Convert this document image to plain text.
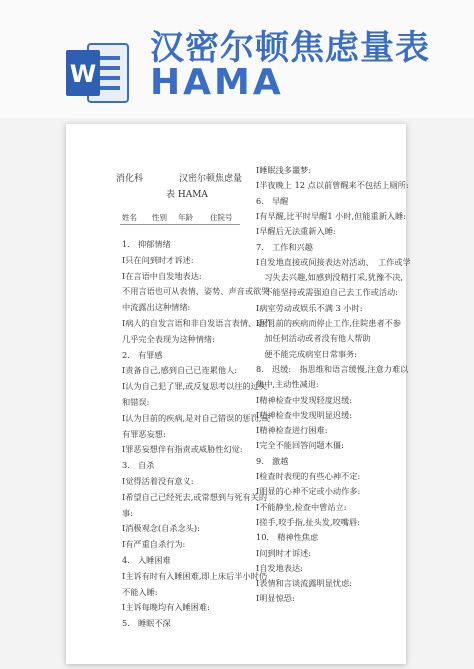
W
汉密尔顿焦虑量表
HAMA
消化科	汉密尔顿焦虑量
表 HAMA
姓名 性别 年龄 住院号
1.　抑郁情绪
Ⅰ只在问到时才诉述:
Ⅰ在言语中自发地表达:
不用言语也可从表情、姿势、声音或欲哭
中流露出这种情绪:
Ⅰ病人的自发言语和非自发语言表情、动作,
几乎完全表现为这种情绪:
2.　有罪感
Ⅰ责备自己,感到自己已连累他人:
Ⅰ认为自己犯了罪,或反复思考以往的过失
和错误:
Ⅰ认为目前的疾病,是对自己错误的惩罚,或
有罪恶妄想:
Ⅰ罪恶妄想伴有指责或威胁性幻觉:
3.　自杀
Ⅰ觉得活着没有意义:
Ⅰ希望自己已经死去,或常想到与死有关的
事:
Ⅰ消极观念(自杀念头):
Ⅰ有严重自杀行为:
4.　入睡困难
Ⅰ主诉有时有入睡困难,即上床后半小时仍
不能入睡:
Ⅰ主诉每晚均有入睡困难:
5.　睡眠不深
Ⅰ睡眠浅多噩梦:
Ⅰ半夜晚上 12 点以前曾醒来不包括上厕所:
6.　早醒
Ⅰ有早醒,比平时早醒1 小时,但能重新入睡:
Ⅰ早醒后无法重新入睡:
7.　工作和兴趣
Ⅰ自发地直接或间接表达对活动、　工作或学
　习失去兴趣,如感到没精打采,犹豫不决,
　不能坚持或需强迫自己去工作或活动:
Ⅰ病室劳动或娱乐不满 3 小时:
Ⅰ因目前的疾病而停止工作,住院患者不参
　加任何活动或者没有他人帮助
　便不能完成病室日常事务:
8.　迟缓:　指思维和语言缓慢,注意力难以
集中,主动性减退:
Ⅰ精神检查中发现轻度迟缓:
Ⅰ精神检查中发现明显迟缓:
Ⅰ精神检查进行困难:
Ⅰ完全不能回答问题木僵:
9.　激越
Ⅰ检查时表现的有些心神不定:
Ⅰ明显的心神不定或小动作多:
Ⅰ不能静坐,检查中曾站立:
Ⅰ搓手,咬手指,扯头发,咬嘴唇:
10.　精神性焦虑
Ⅰ问到时才诉述:
Ⅰ自发地表达:
Ⅰ表情和言谈流露明显忧虑:
Ⅰ明显惊恐:
